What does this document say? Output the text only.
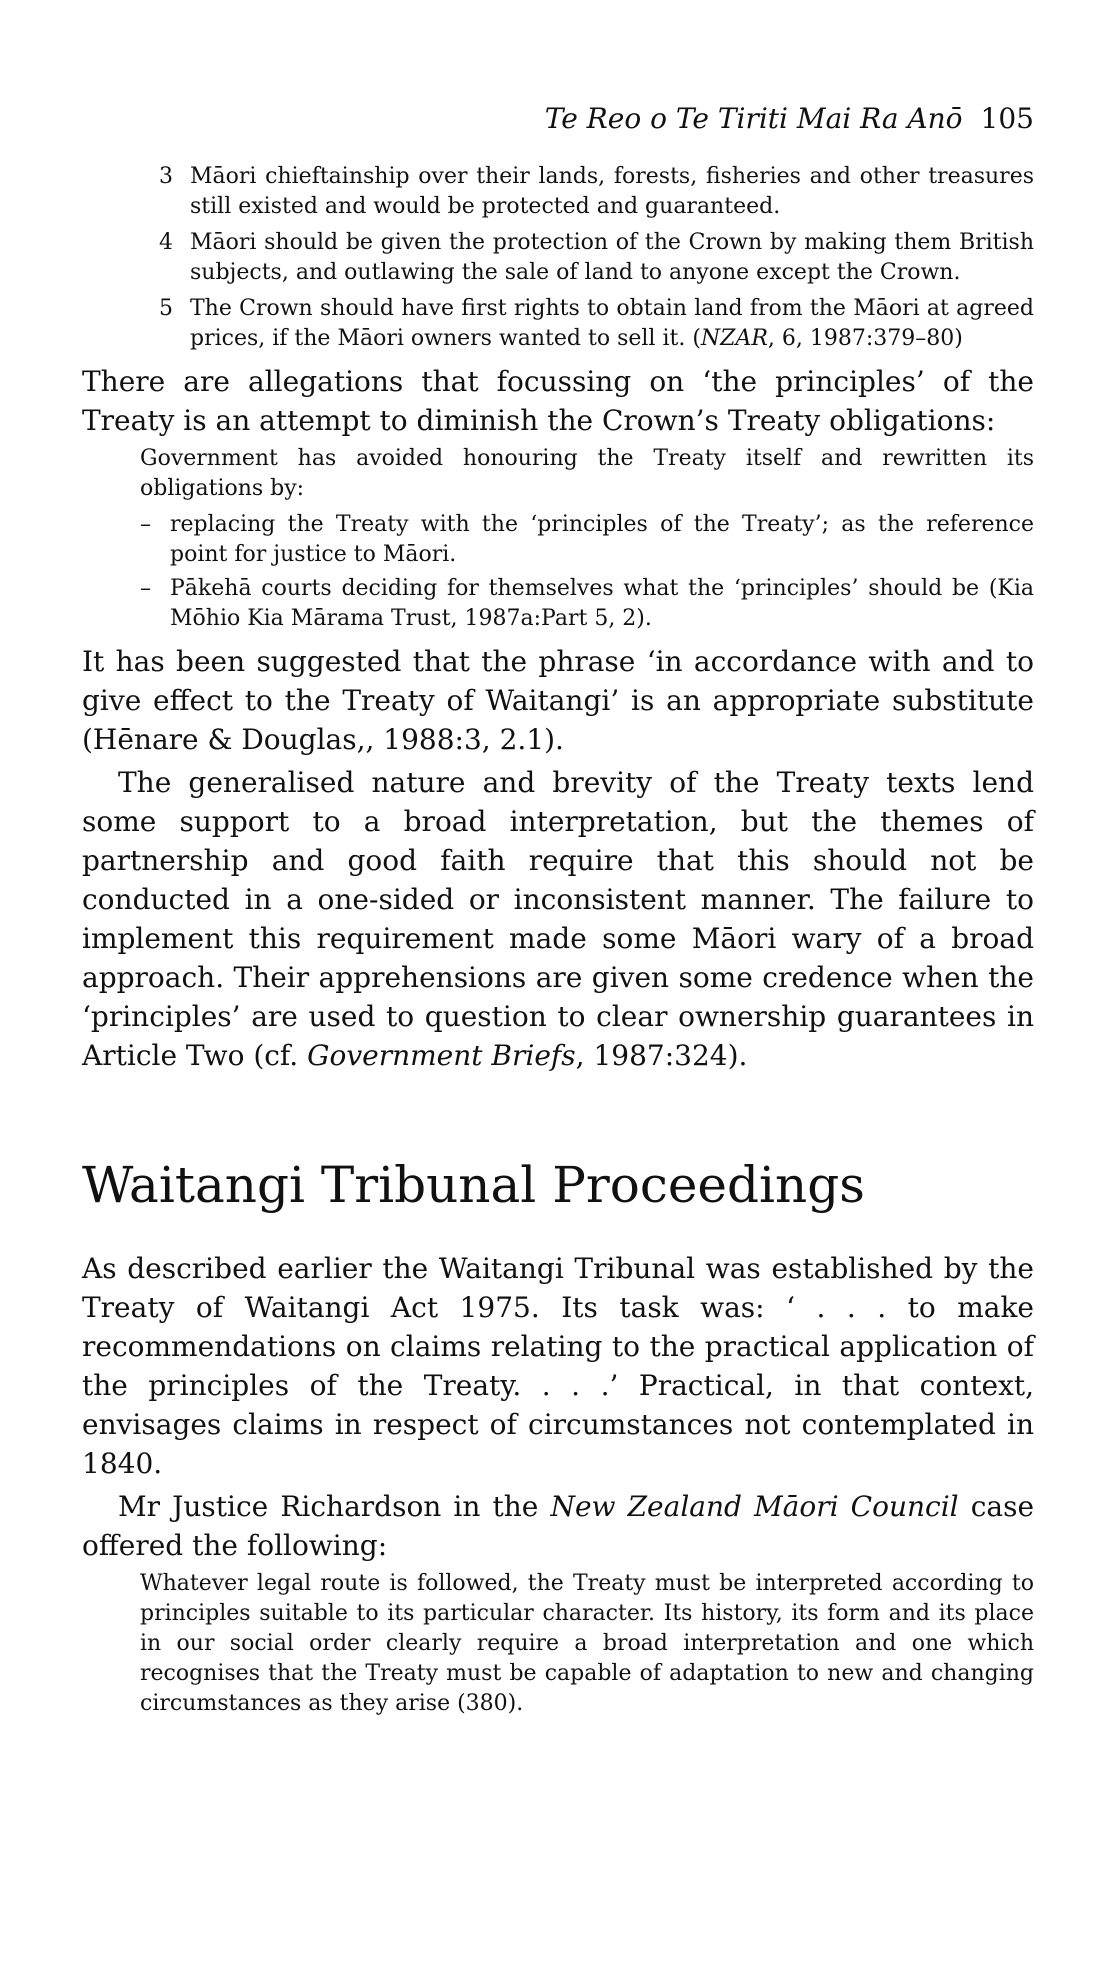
Te Reo o Te Tiriti Mai Ra Anō 105
3 Māori chieftainship over their lands, forests, fisheries and other treasures still existed and would be protected and guaranteed.
4 Māori should be given the protection of the Crown by making them British subjects, and outlawing the sale of land to anyone except the Crown.
5 The Crown should have first rights to obtain land from the Māori at agreed prices, if the Māori owners wanted to sell it. (NZAR, 6, 1987:379–80)

There are allegations that focussing on ‘the principles’ of the Treaty is an attempt to diminish the Crown’s Treaty obligations:

Government has avoided honouring the Treaty itself and rewritten its obligations by:

– replacing the Treaty with the ‘principles of the Treaty’; as the reference point for justice to Māori.
– Pākehā courts deciding for themselves what the ‘principles’ should be (Kia Mōhio Kia Mārama Trust, 1987a:Part 5, 2).

It has been suggested that the phrase ‘in accordance with and to give effect to the Treaty of Waitangi’ is an appropriate substitute (Hēnare & Douglas,, 1988:3, 2.1).

The generalised nature and brevity of the Treaty texts lend some support to a broad interpretation, but the themes of partnership and good faith require that this should not be conducted in a one-sided or inconsistent manner. The failure to implement this requirement made some Māori wary of a broad approach. Their apprehensions are given some credence when the ‘principles’ are used to question to clear ownership guarantees in Article Two (cf. Government Briefs, 1987:324).

Waitangi Tribunal Proceedings

As described earlier the Waitangi Tribunal was established by the Treaty of Waitangi Act 1975. Its task was: ‘ . . . to make recommendations on claims relating to the practical application of the principles of the Treaty. . . .’ Practical, in that context, envisages claims in respect of circumstances not contemplated in 1840.

Mr Justice Richardson in the New Zealand Māori Council case offered the following:

Whatever legal route is followed, the Treaty must be interpreted according to principles suitable to its particular character. Its history, its form and its place in our social order clearly require a broad interpretation and one which recognises that the Treaty must be capable of adaptation to new and changing circumstances as they arise (380).
